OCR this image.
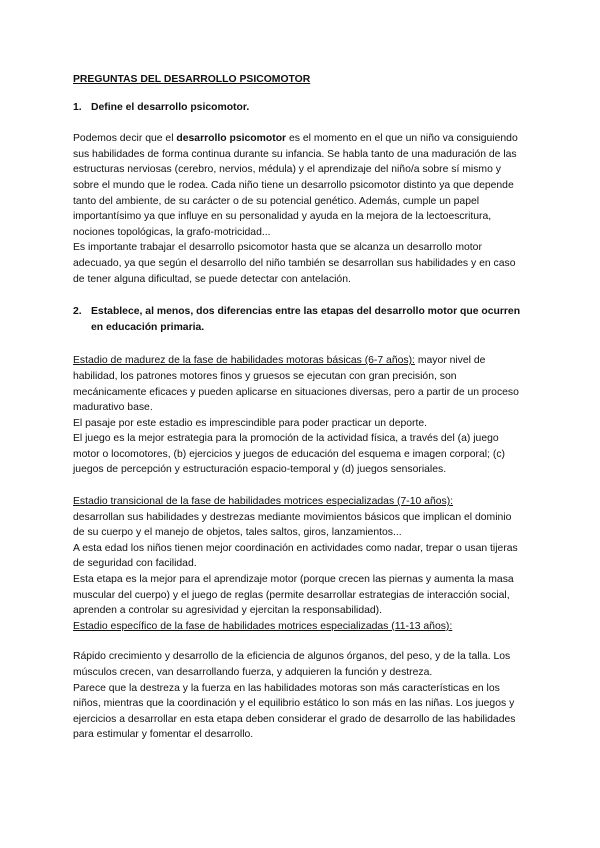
PREGUNTAS DEL DESARROLLO PSICOMOTOR

1. Define el desarrollo psicomotor.

Podemos decir que el desarrollo psicomotor es el momento en el que un niño va consiguiendo sus habilidades de forma continua durante su infancia. Se habla tanto de una maduración de las estructuras nerviosas (cerebro, nervios, médula) y el aprendizaje del niño/a sobre sí mismo y sobre el mundo que le rodea. Cada niño tiene un desarrollo psicomotor distinto ya que depende tanto del ambiente, de su carácter o de su potencial genético. Además, cumple un papel importantísimo ya que influye en su personalidad y ayuda en la mejora de la lectoescritura, nociones topológicas, la grafo-motricidad...

Es importante trabajar el desarrollo psicomotor hasta que se alcanza un desarrollo motor adecuado, ya que según el desarrollo del niño también se desarrollan sus habilidades y en caso de tener alguna dificultad, se puede detectar con antelación.

2. Establece, al menos, dos diferencias entre las etapas del desarrollo motor que ocurren en educación primaria.

Estadio de madurez de la fase de habilidades motoras básicas (6-7 años): mayor nivel de habilidad, los patrones motores finos y gruesos se ejecutan con gran precisión, son mecánicamente eficaces y pueden aplicarse en situaciones diversas, pero a partir de un proceso madurativo base.

El pasaje por este estadio es imprescindible para poder practicar un deporte.

El juego es la mejor estrategia para la promoción de la actividad física, a través del (a) juego motor o locomotores, (b) ejercicios y juegos de educación del esquema e imagen corporal; (c) juegos de percepción y estructuración espacio-temporal y (d) juegos sensoriales.

Estadio transicional de la fase de habilidades motrices especializadas (7-10 años):

desarrollan sus habilidades y destrezas mediante movimientos básicos que implican el dominio de su cuerpo y el manejo de objetos, tales saltos, giros, lanzamientos...

A esta edad los niños tienen mejor coordinación en actividades como nadar, trepar o usan tijeras de seguridad con facilidad.

Esta etapa es la mejor para el aprendizaje motor (porque crecen las piernas y aumenta la masa muscular del cuerpo) y el juego de reglas (permite desarrollar estrategias de interacción social, aprenden a controlar su agresividad y ejercitan la responsabilidad).

Estadio específico de la fase de habilidades motrices especializadas (11-13 años):

Rápido crecimiento y desarrollo de la eficiencia de algunos órganos, del peso, y de la talla. Los músculos crecen, van desarrollando fuerza, y adquieren la función y destreza.

Parece que la destreza y la fuerza en las habilidades motoras son más características en los niños, mientras que la coordinación y el equilibrio estático lo son más en las niñas. Los juegos y ejercicios a desarrollar en esta etapa deben considerar el grado de desarrollo de las habilidades para estimular y fomentar el desarrollo.
